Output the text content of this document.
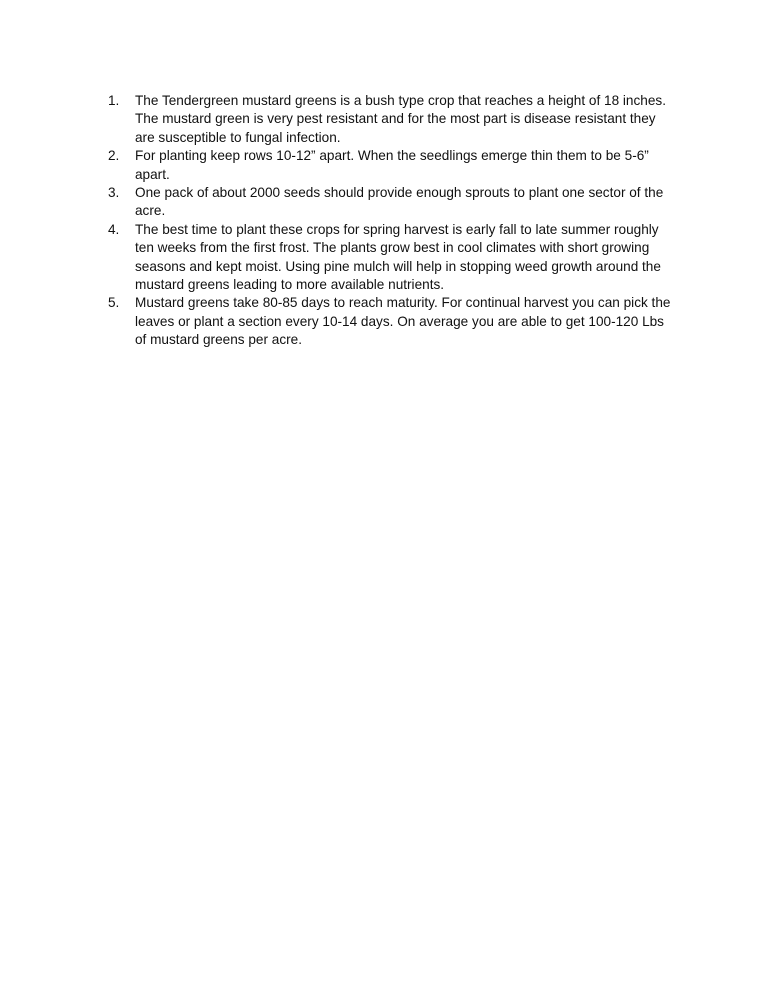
1. The Tendergreen mustard greens is a bush type crop that reaches a height of 18 inches. The mustard green is very pest resistant and for the most part is disease resistant they are susceptible to fungal infection.
2. For planting keep rows 10-12” apart. When the seedlings emerge thin them to be 5-6” apart.
3. One pack of about 2000 seeds should provide enough sprouts to plant one sector of the acre.
4. The best time to plant these crops for spring harvest is early fall to late summer roughly ten weeks from the first frost. The plants grow best in cool climates with short growing seasons and kept moist. Using pine mulch will help in stopping weed growth around the mustard greens leading to more available nutrients.
5. Mustard greens take 80-85 days to reach maturity. For continual harvest you can pick the leaves or plant a section every 10-14 days. On average you are able to get 100-120 Lbs of mustard greens per acre.
